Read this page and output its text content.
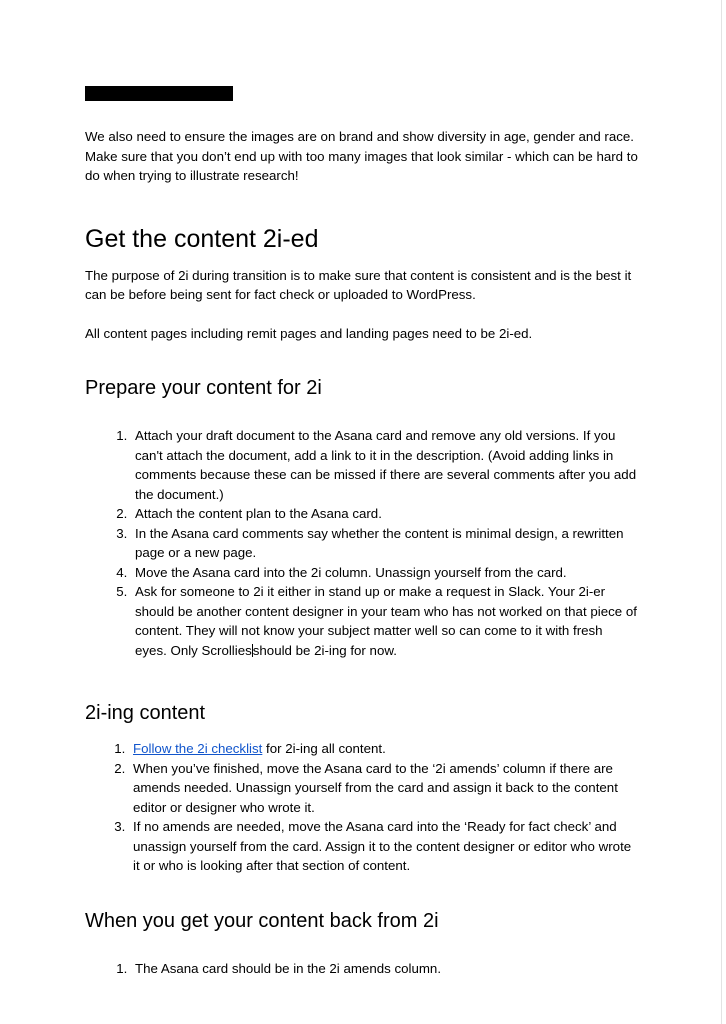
We also need to ensure the images are on brand and show diversity in age, gender and race. Make sure that you don’t end up with too many images that look similar - which can be hard to do when trying to illustrate research!

Get the content 2i-ed

The purpose of 2i during transition is to make sure that content is consistent and is the best it can be before being sent for fact check or uploaded to WordPress.

All content pages including remit pages and landing pages need to be 2i-ed.

Prepare your content for 2i
1. Attach your draft document to the Asana card and remove any old versions. If you can't attach the document, add a link to it in the description. (Avoid adding links in comments because these can be missed if there are several comments after you add the document.)
2. Attach the content plan to the Asana card.
3. In the Asana card comments say whether the content is minimal design, a rewritten page or a new page.
4. Move the Asana card into the 2i column. Unassign yourself from the card.
5. Ask for someone to 2i it either in stand up or make a request in Slack. Your 2i-er should be another content designer in your team who has not worked on that piece of content. They will not know your subject matter well so can come to it with fresh eyes. Only Scrolliesshould be 2i-ing for now.
2i-ing content
1. Follow the 2i checklist for 2i-ing all content.
2. When you’ve finished, move the Asana card to the ‘2i amends’ column if there are amends needed. Unassign yourself from the card and assign it back to the content editor or designer who wrote it.
3. If no amends are needed, move the Asana card into the ‘Ready for fact check’ and unassign yourself from the card. Assign it to the content designer or editor who wrote it or who is looking after that section of content.
When you get your content back from 2i
1. The Asana card should be in the 2i amends column.
